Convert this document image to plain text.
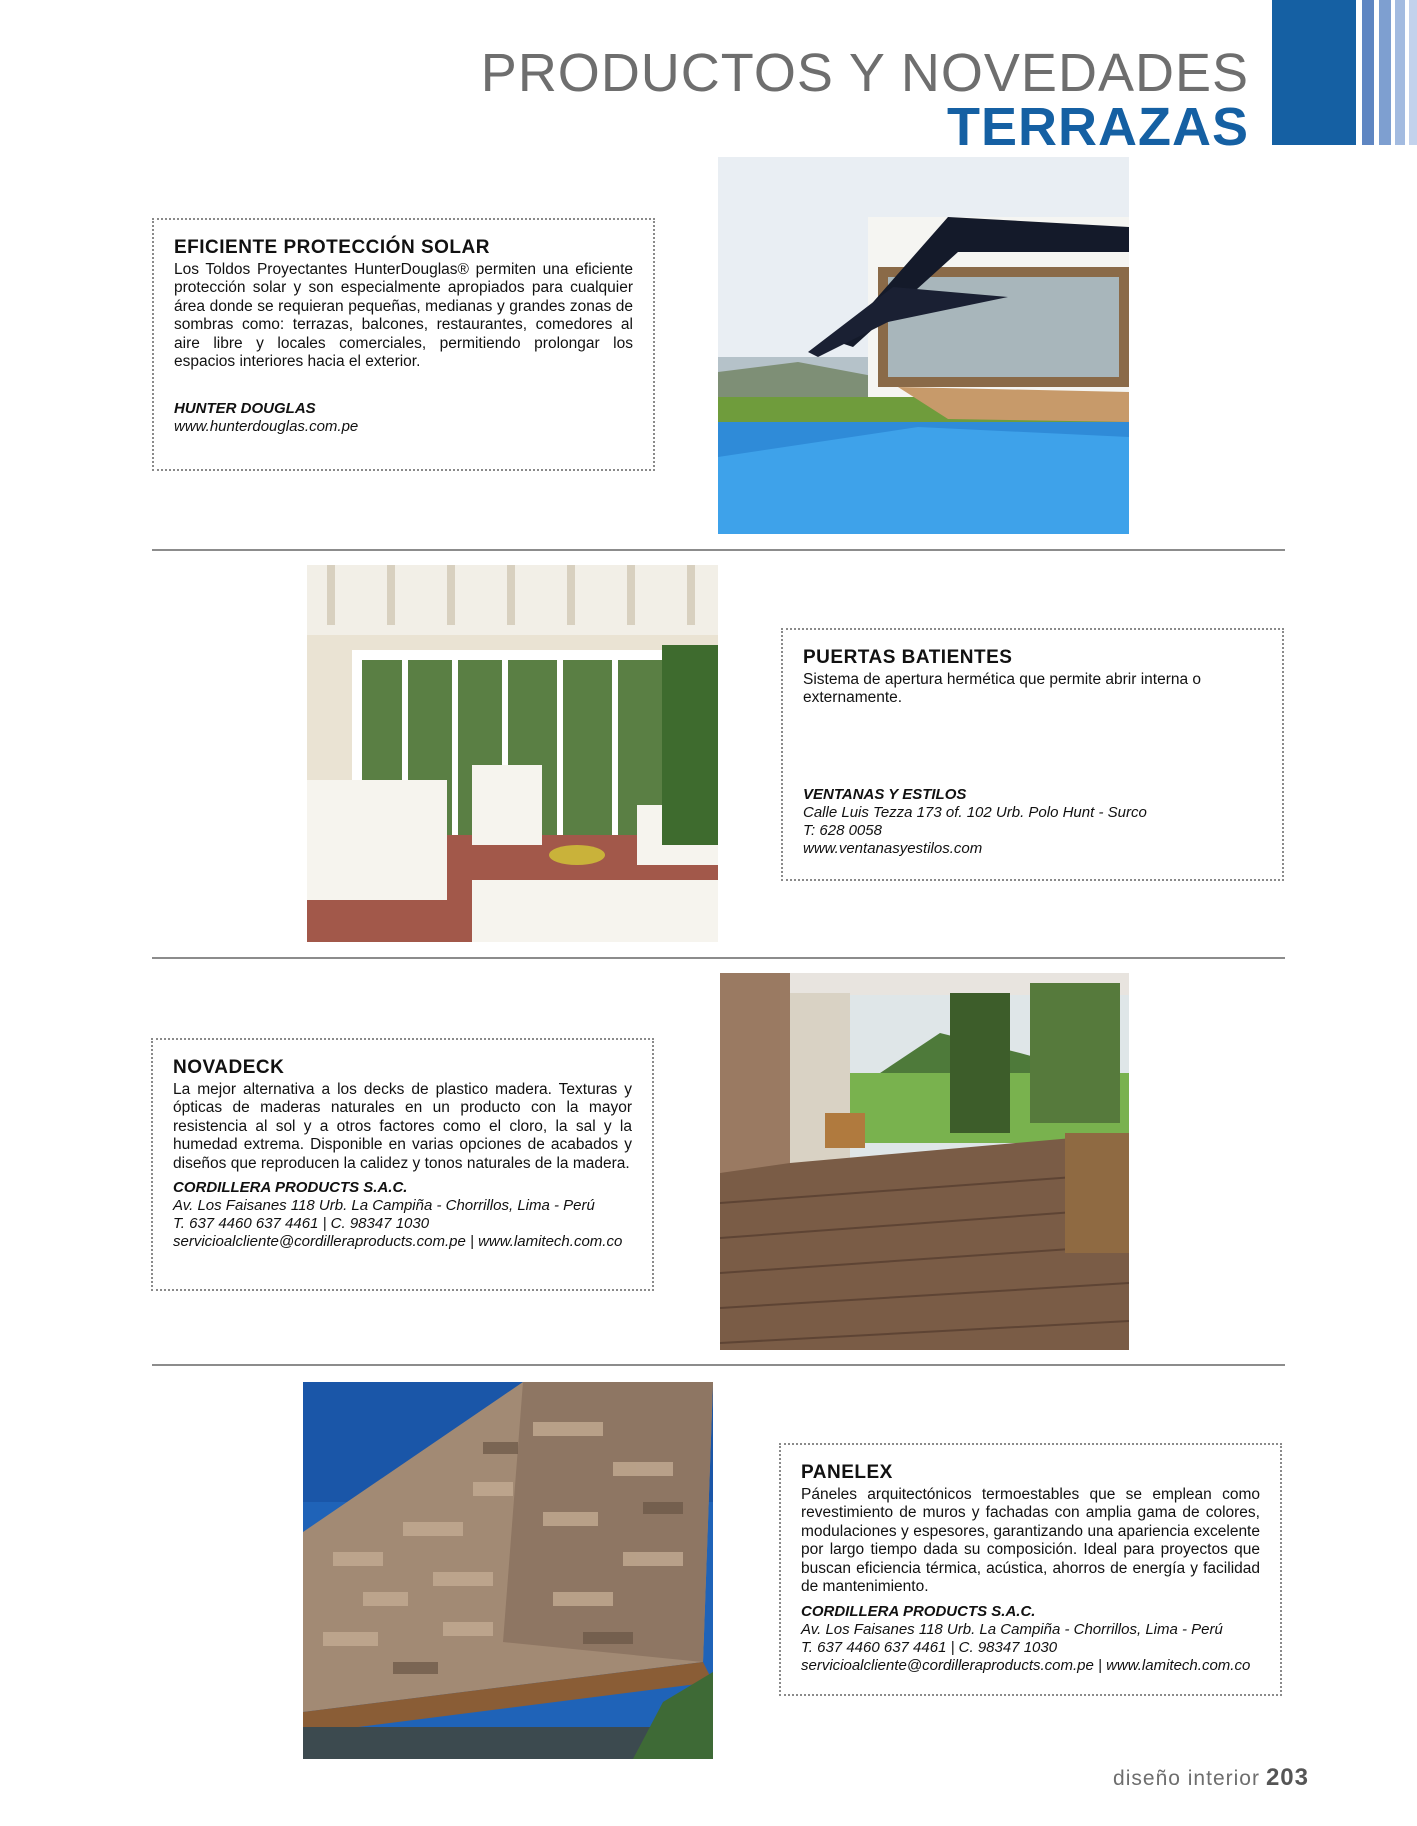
PRODUCTOS Y NOVEDADES
TERRAZAS
EFICIENTE PROTECCIÓN SOLAR

Los Toldos Proyectantes HunterDouglas® permiten una eficiente protección solar y son especialmente apropiados para cualquier área donde se requieran pequeñas, medianas y grandes zonas de sombras como: terrazas, balcones, restaurantes, comedores al aire libre y locales comerciales, permitiendo prolongar los espacios interiores hacia el exterior.

HUNTER DOUGLAS

www.hunterdouglas.com.pe

PUERTAS BATIENTES

Sistema de apertura hermética que permite abrir interna o externamente.

VENTANAS Y ESTILOS

Calle Luis Tezza 173 of. 102 Urb. Polo Hunt - Surco

T: 628 0058

www.ventanasyestilos.com

NOVADECK

La mejor alternativa a los decks de plastico madera. Texturas y ópticas de maderas naturales en un producto con la mayor resistencia al sol y a otros factores como el cloro, la sal y la humedad extrema. Disponible en varias opciones de acabados y diseños que reproducen la calidez y tonos naturales de la madera.

CORDILLERA PRODUCTS S.A.C.

Av. Los Faisanes 118 Urb. La Campiña - Chorrillos, Lima - Perú

T. 637 4460 637 4461 | C. 98347 1030

servicioalcliente@cordilleraproducts.com.pe | www.lamitech.com.co

PANELEX

Páneles arquitectónicos termoestables que se emplean como revestimiento de muros y fachadas con amplia gama de colores, modulaciones y espesores, garantizando una apariencia excelente por largo tiempo dada su composición. Ideal para proyectos que buscan eficiencia térmica, acústica, ahorros de energía y facilidad de mantenimiento.

CORDILLERA PRODUCTS S.A.C.

Av. Los Faisanes 118 Urb. La Campiña - Chorrillos, Lima - Perú

T. 637 4460 637 4461 | C. 98347 1030

servicioalcliente@cordilleraproducts.com.pe | www.lamitech.com.co

diseño interior 203
